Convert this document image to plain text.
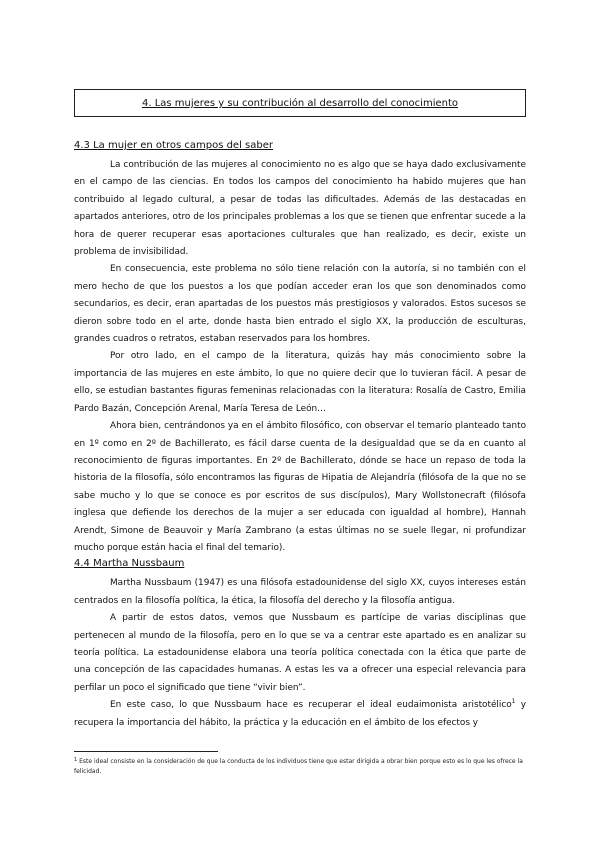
4. Las mujeres y su contribución al desarrollo del conocimiento
4.3 La mujer en otros campos del saber

La contribución de las mujeres al conocimiento no es algo que se haya dado exclusivamente en el campo de las ciencias. En todos los campos del conocimiento ha habido mujeres que han contribuido al legado cultural, a pesar de todas las dificultades. Además de las destacadas en apartados anteriores, otro de los principales problemas a los que se tienen que enfrentar sucede a la hora de querer recuperar esas aportaciones culturales que han realizado, es decir, existe un problema de invisibilidad.

En consecuencia, este problema no sólo tiene relación con la autoría, si no también con el mero hecho de que los puestos a los que podían acceder eran los que son denominados como secundarios, es decir, eran apartadas de los puestos más prestigiosos y valorados. Estos sucesos se dieron sobre todo en el arte, donde hasta bien entrado el siglo XX, la producción de esculturas, grandes cuadros o retratos, estaban reservados para los hombres.

Por otro lado, en el campo de la literatura, quizás hay más conocimiento sobre la importancia de las mujeres en este ámbito, lo que no quiere decir que lo tuvieran fácil. A pesar de ello, se estudian bastantes figuras femeninas relacionadas con la literatura: Rosalía de Castro, Emilia Pardo Bazán, Concepción Arenal, María Teresa de León…

Ahora bien, centrándonos ya en el ámbito filosófico, con observar el temario planteado tanto en 1º como en 2º de Bachillerato, es fácil darse cuenta de la desigualdad que se da en cuanto al reconocimiento de figuras importantes. En 2º de Bachillerato, dónde se hace un repaso de toda la historia de la filosofía, sólo encontramos las figuras de Hipatia de Alejandría (filósofa de la que no se sabe mucho y lo que se conoce es por escritos de sus discípulos), Mary Wollstonecraft (filósofa inglesa que defiende los derechos de la mujer a ser educada con igualdad al hombre), Hannah Arendt, Simone de Beauvoir y María Zambrano (a estas últimas no se suele llegar, ni profundizar mucho porque están hacia el final del temario).

4.4 Martha Nussbaum

Martha Nussbaum (1947) es una filósofa estadounidense del siglo XX, cuyos intereses están centrados en la filosofía política, la ética, la filosofía del derecho y la filosofía antigua.

A partir de estos datos, vemos que Nussbaum es partícipe de varias disciplinas que pertenecen al mundo de la filosofía, pero en lo que se va a centrar este apartado es en analizar su teoría política. La estadounidense elabora una teoría política conectada con la ética que parte de una concepción de las capacidades humanas. A estas les va a ofrecer una especial relevancia para perfilar un poco el significado que tiene “vivir bien”.

En este caso, lo que Nussbaum hace es recuperar el ideal eudaimonista aristotélico$^1$ y recupera la importancia del hábito, la práctica y la educación en el ámbito de los efectos y

$^1$ Este ideal consiste en la consideración de que la conducta de los individuos tiene que estar dirigida a obrar bien porque esto es lo que les ofrece la felicidad.
